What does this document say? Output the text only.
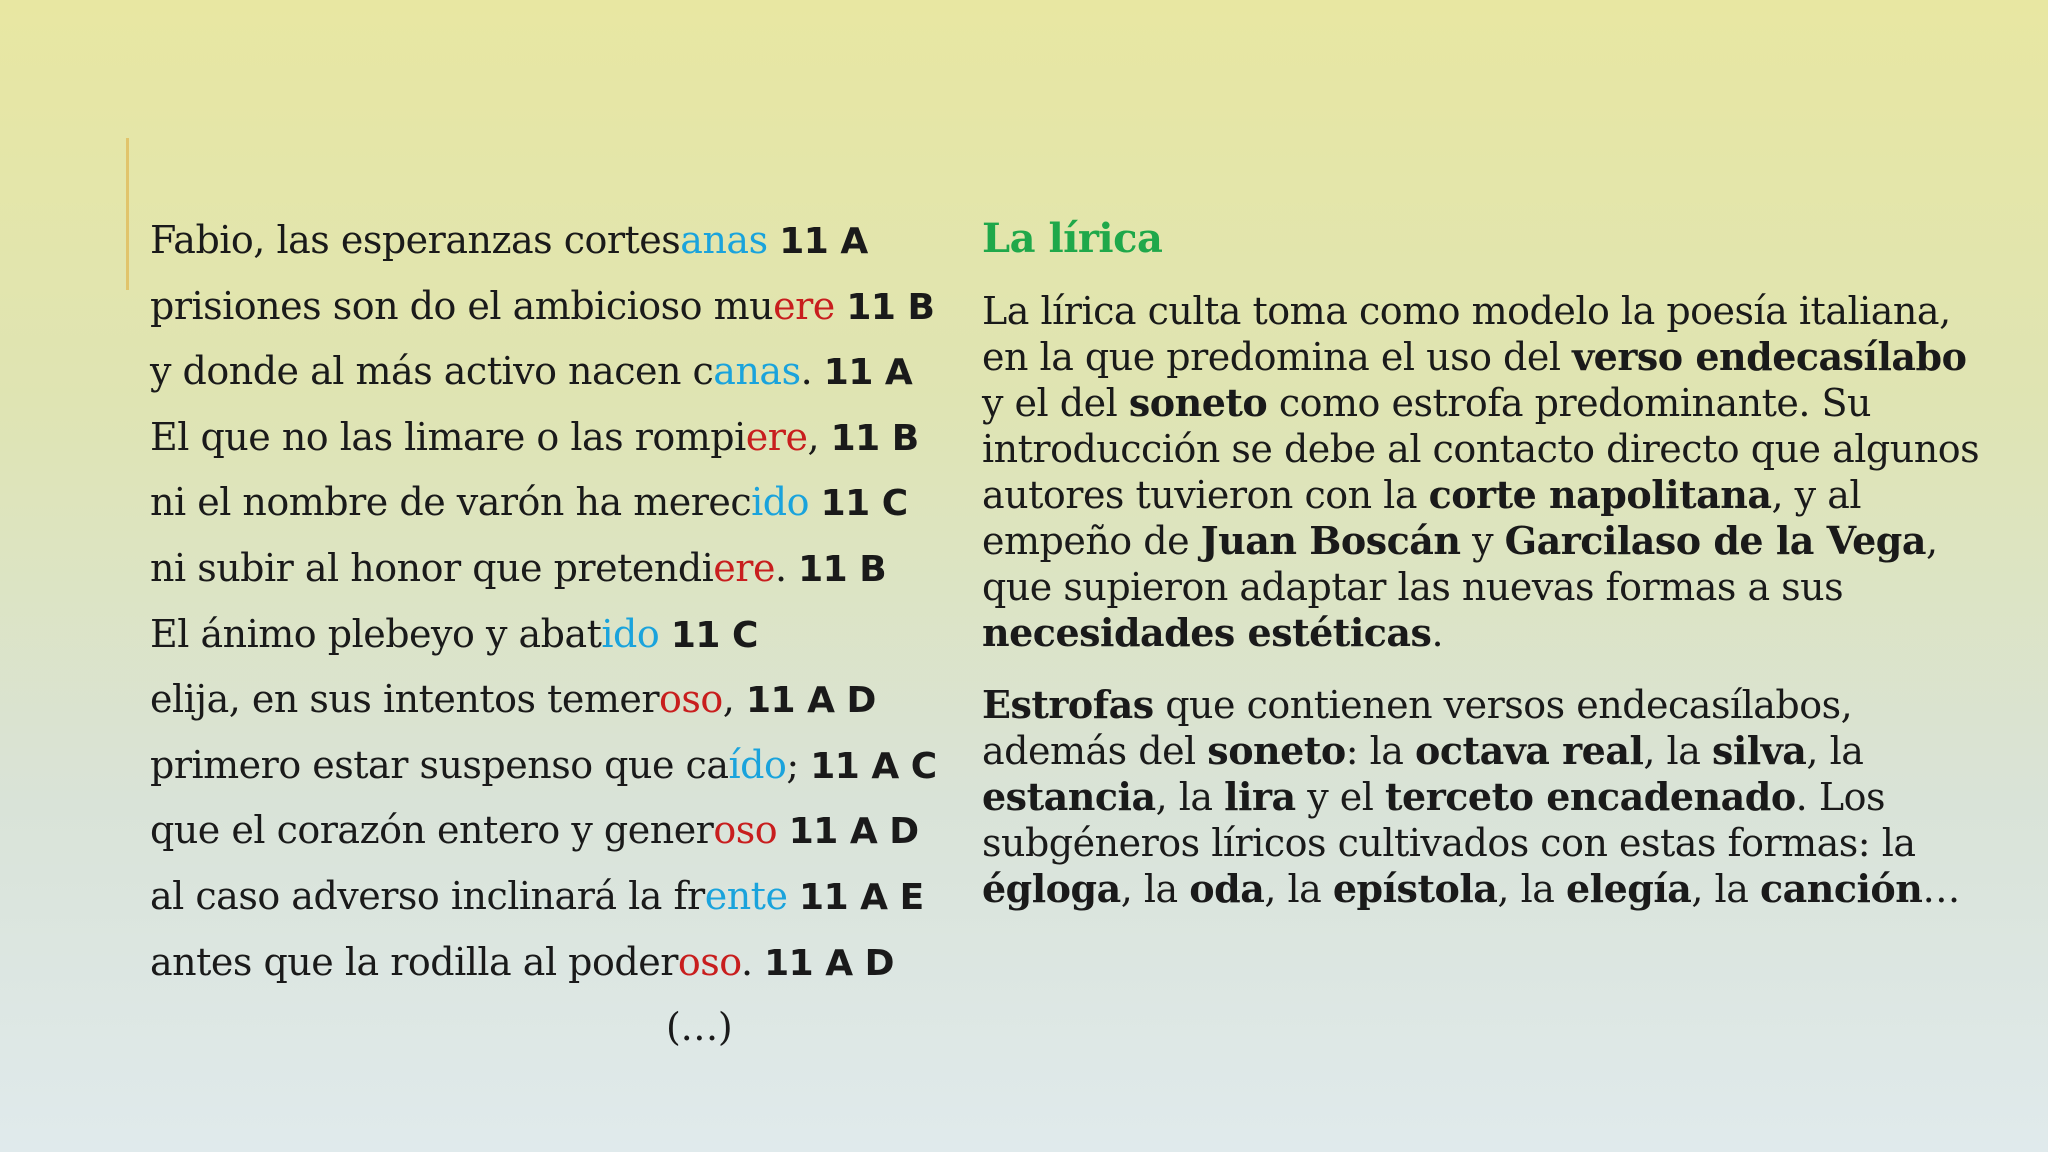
Fabio, las esperanzas cortesanas 11 A
prisiones son do el ambicioso muere 11 B
y donde al más activo nacen canas. 11 A
El que no las limare o las rompiere, 11 B
ni el nombre de varón ha merecido 11 C
ni subir al honor que pretendiere. 11 B
El ánimo plebeyo y abatido 11 C
elija, en sus intentos temeroso, 11 A D
primero estar suspenso que caído; 11 A C
que el corazón entero y generoso 11 A D
al caso adverso inclinará la frente 11 A E
antes que la rodilla al poderoso. 11 A D
(…)
La lírica

La lírica culta toma como modelo la poesía italiana, en la que predomina el uso del verso endecasílabo y el del soneto como estrofa predominante. Su introducción se debe al contacto directo que algunos autores tuvieron con la corte napolitana, y al empeño de Juan Boscán y Garcilaso de la Vega, que supieron adaptar las nuevas formas a sus necesidades estéticas.

Estrofas que contienen versos endecasílabos, además del soneto: la octava real, la silva, la estancia, la lira y el terceto encadenado. Los subgéneros líricos cultivados con estas formas: la égloga, la oda, la epístola, la elegía, la canción…
